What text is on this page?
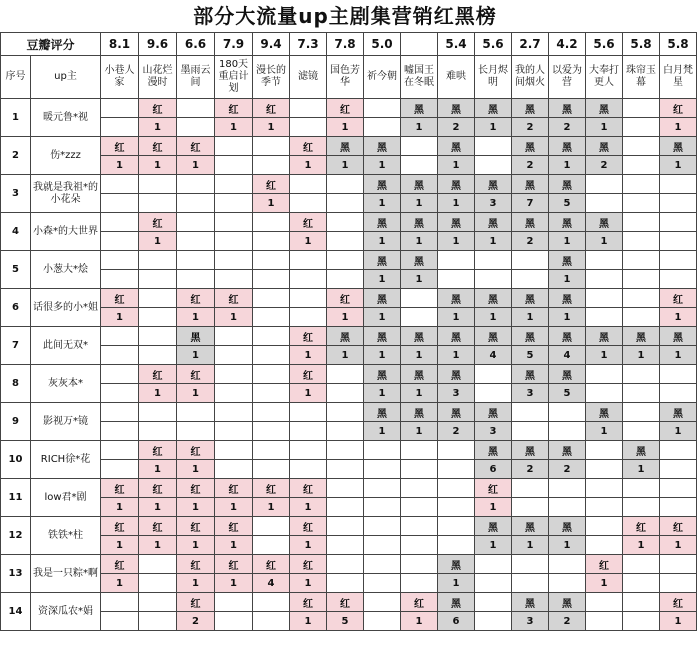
部分大流量up主剧集营销红黑榜
豆瓣评分		8.1	9.6	6.6	7.9	9.4	7.3	7.8	5.0		5.4	5.6	2.7	4.2	5.6	5.8	5.8
序号	up主	小巷人家	山花烂漫时	墨雨云间	180天重启计划	漫长的季节	滤镜	国色芳华	祈今朝	嘘国王在冬眠	难哄	长月烬明	我的人间烟火	以爱为营	大奉打更人	珠帘玉幕	白月梵星
1	暖元鲁*视		红		红	红		红		黑	黑	黑	黑	黑	黑		红
			1		1	1		1		1	2	1	2	2	1		1
2	伤*zzz	红	红	红			红	黑	黑		黑		黑	黑	黑		黑
		1	1	1			1	1	1		1		2	1	2		1
3	我就是我祖*的小花朵					红			黑	黑	黑	黑	黑	黑			
						1			1	1	1	3	7	5			
4	小森*的大世界		红				红		黑	黑	黑	黑	黑	黑	黑		
			1				1		1	1	1	1	2	1	1		
5	小葱大*烩								黑	黑				黑			
									1	1				1			
6	话很多的小*姐	红		红	红			红	黑		黑	黑	黑	黑			红
		1		1	1			1	1		1	1	1	1			1
7	此间无双*			黑			红	黑	黑	黑	黑	黑	黑	黑	黑	黑	黑
				1			1	1	1	1	1	4	5	4	1	1	1
8	灰灰本*		红	红			红		黑	黑	黑		黑	黑			
			1	1			1		1	1	3		3	5			
9	影视万*镜								黑	黑	黑	黑			黑		黑
									1	1	2	3			1		1
10	RICH徐*花		红	红								黑	黑	黑		黑	
			1	1								6	2	2		1	
11	low君*剧	红	红	红	红	红	红					红					
		1	1	1	1	1	1					1					
12	铁铁*柱	红	红	红	红		红					黑	黑	黑		红	红
		1	1	1	1		1					1	1	1		1	1
13	我是一只粽*啊	红		红	红	红	红				黑				红		
		1		1	1	4	1				1				1		
14	资深瓜农*娟			红			红	红		红	黑		黑	黑			红
				2			1	5		1	6		3	2			1
